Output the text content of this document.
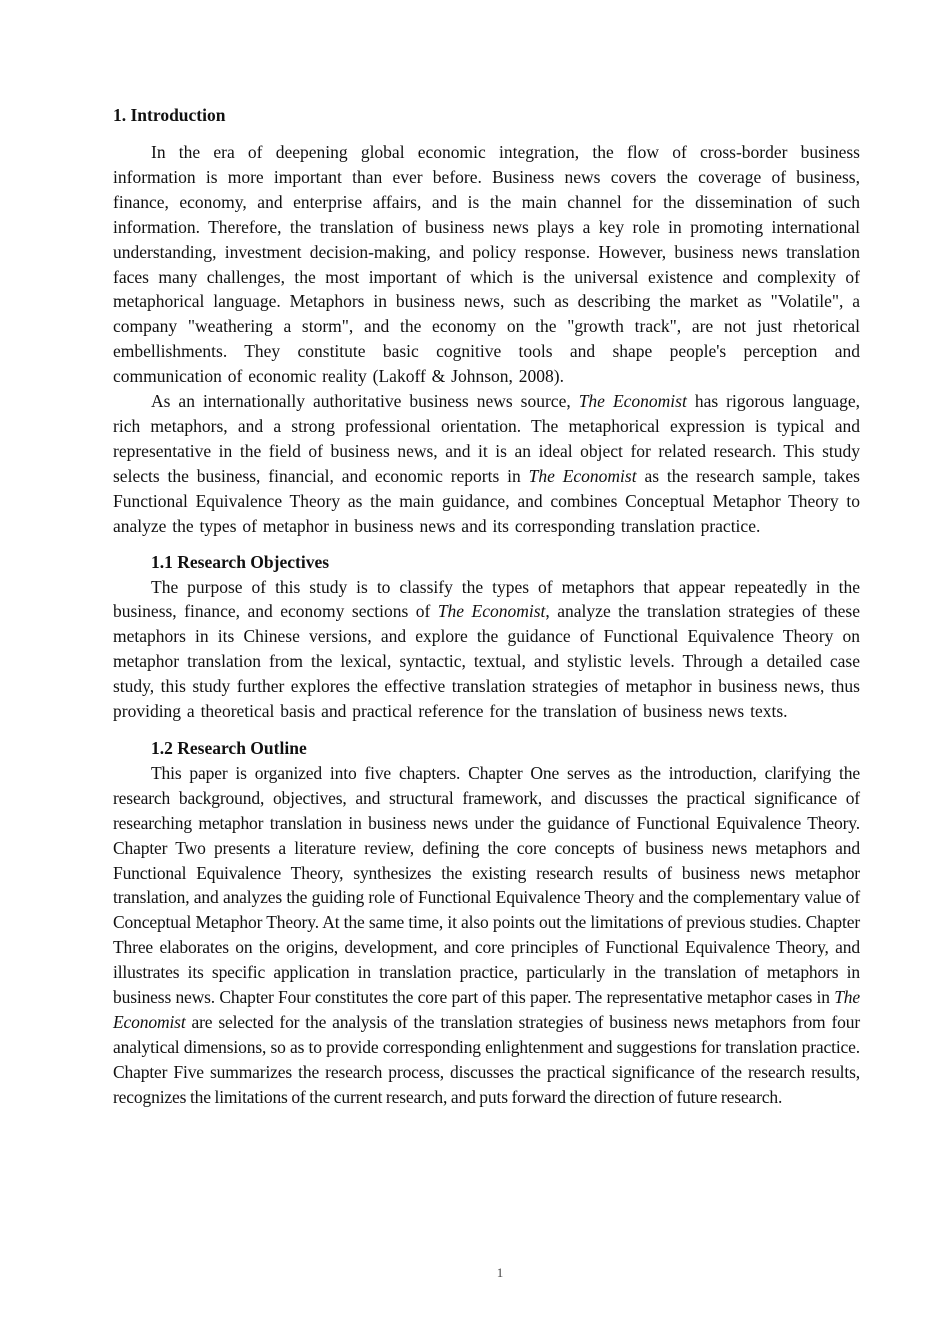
1. Introduction

In the era of deepening global economic integration, the flow of cross-border business information is more important than ever before. Business news covers the coverage of business, finance, economy, and enterprise affairs, and is the main channel for the dissemination of such information. Therefore, the translation of business news plays a key role in promoting international understanding, investment decision-making, and policy response. However, business news translation faces many challenges, the most important of which is the universal existence and complexity of metaphorical language. Metaphors in business news, such as describing the market as "Volatile", a company "weathering a storm", and the economy on the "growth track", are not just rhetorical embellishments. They constitute basic cognitive tools and shape people's perception and communication of economic reality (Lakoff & Johnson, 2008).

As an internationally authoritative business news source, The Economist has rigorous language, rich metaphors, and a strong professional orientation. The metaphorical expression is typical and representative in the field of business news, and it is an ideal object for related research. This study selects the business, financial, and economic reports in The Economist as the research sample, takes Functional Equivalence Theory as the main guidance, and combines Conceptual Metaphor Theory to analyze the types of metaphor in business news and its corresponding translation practice.

1.1 Research Objectives

The purpose of this study is to classify the types of metaphors that appear repeatedly in the business, finance, and economy sections of The Economist, analyze the translation strategies of these metaphors in its Chinese versions, and explore the guidance of Functional Equivalence Theory on metaphor translation from the lexical, syntactic, textual, and stylistic levels. Through a detailed case study, this study further explores the effective translation strategies of metaphor in business news, thus providing a theoretical basis and practical reference for the translation of business news texts.

1.2 Research Outline

This paper is organized into five chapters. Chapter One serves as the introduction, clarifying the research background, objectives, and structural framework, and discusses the practical significance of researching metaphor translation in business news under the guidance of Functional Equivalence Theory. Chapter Two presents a literature review, defining the core concepts of business news metaphors and Functional Equivalence Theory, synthesizes the existing research results of business news metaphor translation, and analyzes the guiding role of Functional Equivalence Theory and the complementary value of Conceptual Metaphor Theory. At the same time, it also points out the limitations of previous studies. Chapter Three elaborates on the origins, development, and core principles of Functional Equivalence Theory, and illustrates its specific application in translation practice, particularly in the translation of metaphors in business news. Chapter Four constitutes the core part of this paper. The representative metaphor cases in The Economist are selected for the analysis of the translation strategies of business news metaphors from four analytical dimensions, so as to provide corresponding enlightenment and suggestions for translation practice. Chapter Five summarizes the research process, discusses the practical significance of the research results, recognizes the limitations of the current research, and puts forward the direction of future research.

1
